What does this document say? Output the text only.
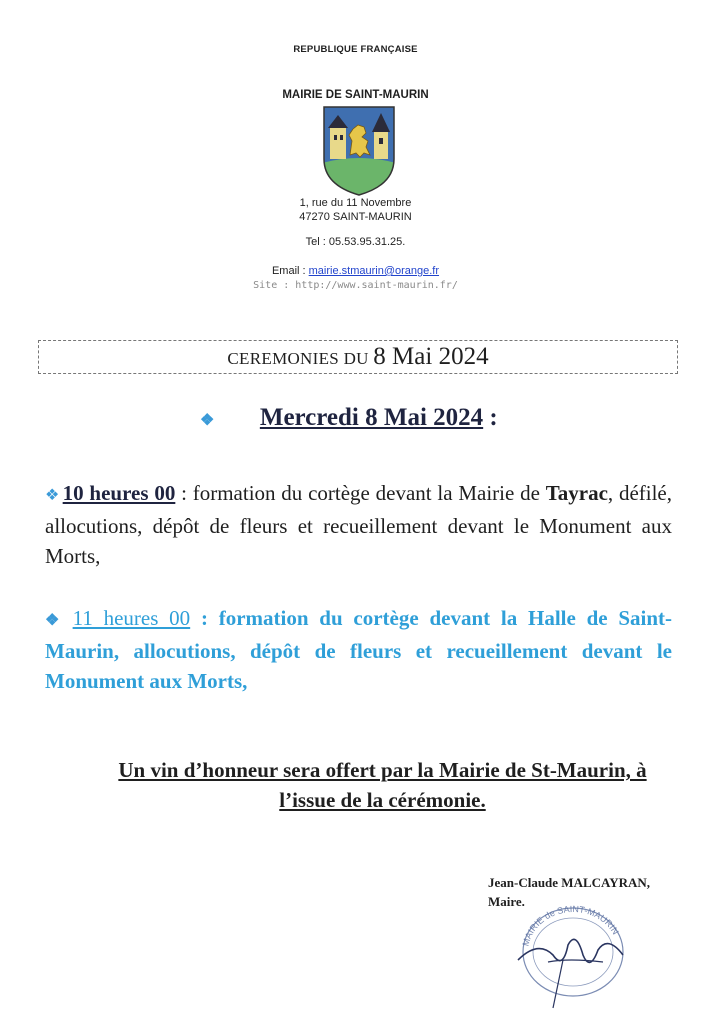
REPUBLIQUE FRANÇAISE
MAIRIE DE SAINT-MAURIN
1, rue du 11 Novembre
47270 SAINT-MAURIN
Tel : 05.53.95.31.25.
Email : mairie.stmaurin@orange.fr
Site : http://www.saint-maurin.fr/
CEREMONIES DU 8 Mai 2024
❖ Mercredi 8 Mai 2024 :
❖ 10 heures 00 : formation du cortège devant la Mairie de Tayrac, défilé, allocutions, dépôt de fleurs et recueillement devant le Monument aux Morts,
❖ 11 heures 00 : formation du cortège devant la Halle de Saint-Maurin, allocutions, dépôt de fleurs et recueillement devant le Monument aux Morts,
Un vin d’honneur sera offert par la Mairie de St-Maurin, à l’issue de la cérémonie.
Jean-Claude MALCAYRAN,
Maire.
MAIRIE de SAINT-MAURIN
